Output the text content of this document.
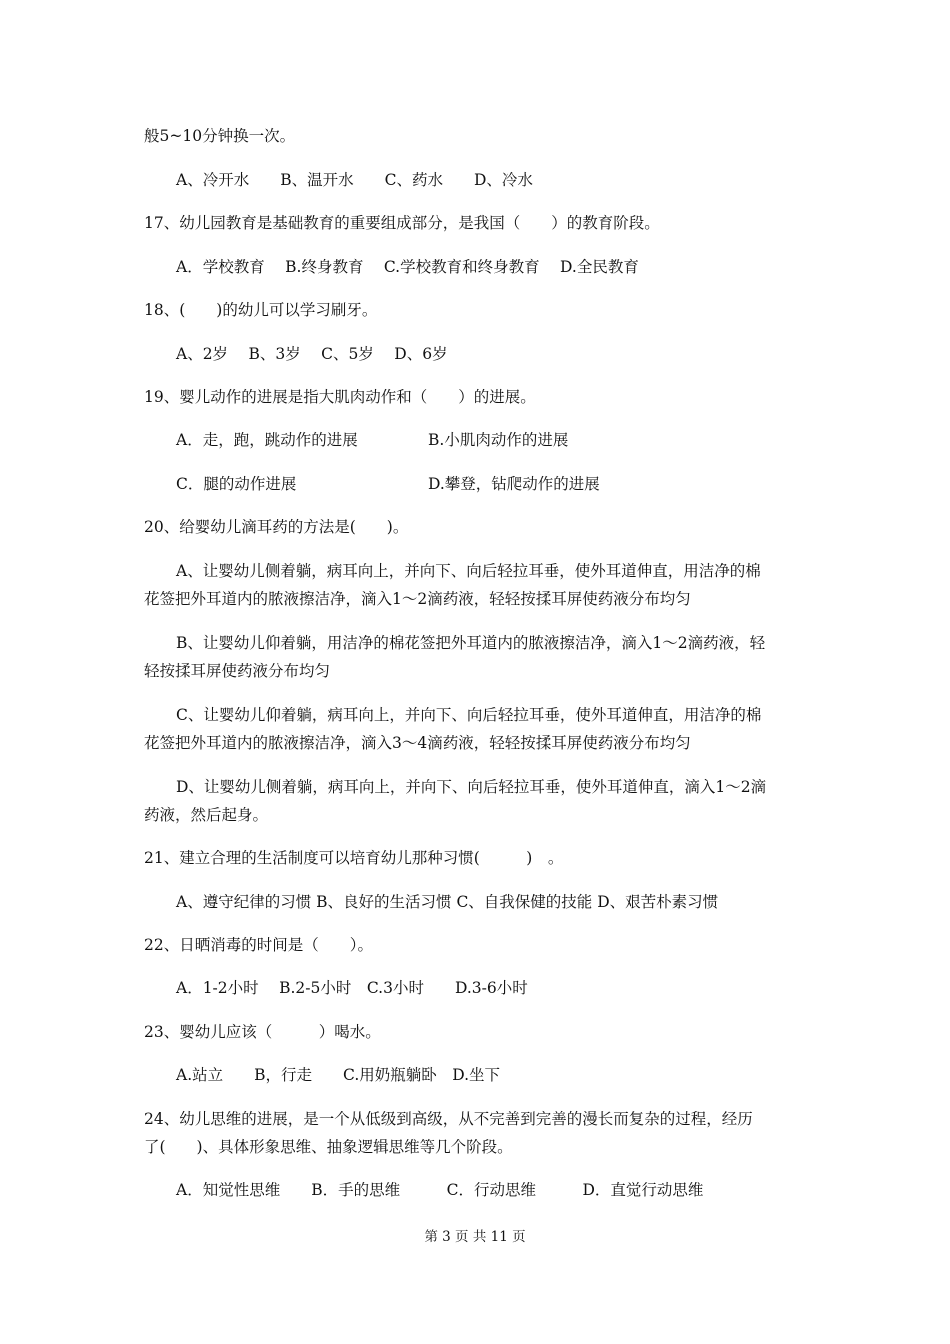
般5~10分钟换一次。
A、冷开水　　B、温开水　　C、药水　　D、冷水
17、幼儿园教育是基础教育的重要组成部分，是我国（　　）的教育阶段。
A．学校教育　 B.终身教育　 C.学校教育和终身教育　 D.全民教育
18、(　　)的幼儿可以学习刷牙。
A、2岁　 B、3岁　 C、5岁　 D、6岁
19、婴儿动作的进展是指大肌肉动作和（　　）的进展。
A．走，跑，跳动作的进展	B.小肌肉动作的进展
C．腿的动作进展	D.攀登，钻爬动作的进展
20、给婴幼儿滴耳药的方法是(　　)。
A、让婴幼儿侧着躺，病耳向上，并向下、向后轻拉耳垂，使外耳道伸直，用洁净的棉
花签把外耳道内的脓液擦洁净，滴入1～2滴药液，轻轻按揉耳屏使药液分布均匀
B、让婴幼儿仰着躺，用洁净的棉花签把外耳道内的脓液擦洁净，滴入1～2滴药液，轻
轻按揉耳屏使药液分布均匀
C、让婴幼儿仰着躺，病耳向上，并向下、向后轻拉耳垂，使外耳道伸直，用洁净的棉
花签把外耳道内的脓液擦洁净，滴入3～4滴药液，轻轻按揉耳屏使药液分布均匀
D、让婴幼儿侧着躺，病耳向上，并向下、向后轻拉耳垂，使外耳道伸直，滴入1～2滴
药液，然后起身。
21、建立合理的生活制度可以培育幼儿那种习惯(　　　)　。
A、遵守纪律的习惯 B、良好的生活习惯 C、自我保健的技能 D、艰苦朴素习惯
22、日晒消毒的时间是（　　）。
A．1-2小时　 B.2-5小时　C.3小时　　D.3-6小时
23、婴幼儿应该（　　　）喝水。
A.站立　　B，行走　　C.用奶瓶躺卧　D.坐下
24、幼儿思维的进展，是一个从低级到高级，从不完善到完善的漫长而复杂的过程，经历
了(　　)、具体形象思维、抽象逻辑思维等几个阶段。
A．知觉性思维　　B．手的思维　　　C．行动思维　　　D．直觉行动思维
第 3 页 共 11 页
